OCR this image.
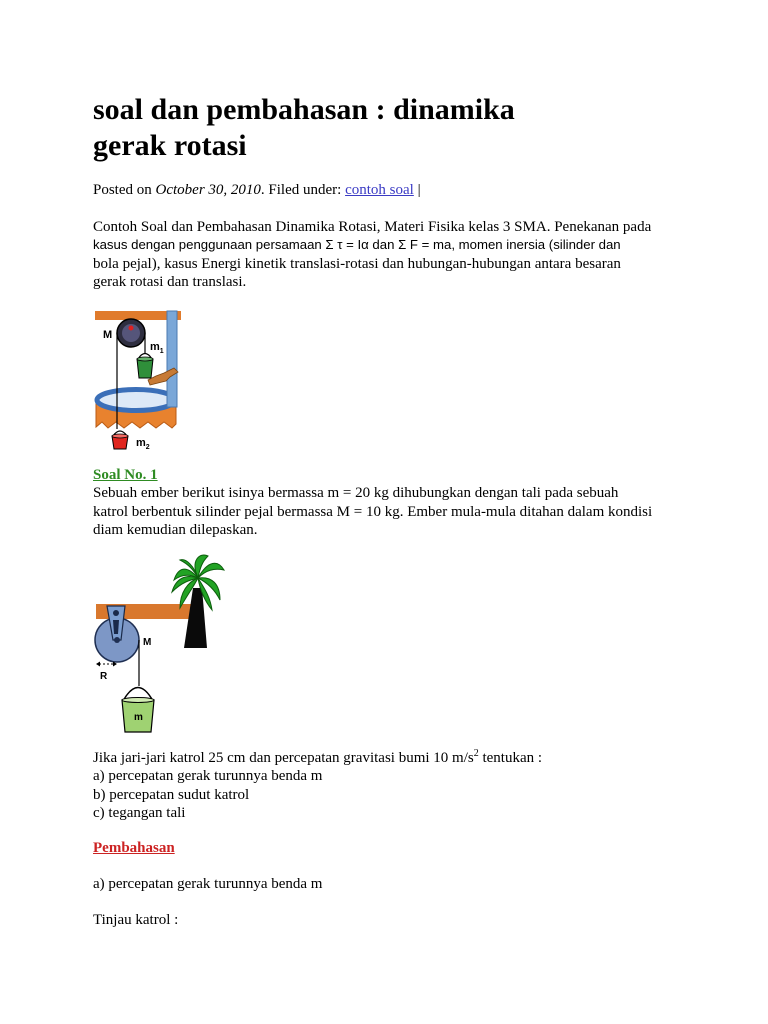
soal dan pembahasan : dinamika
gerak rotasi
Posted on October 30, 2010. Filed under: contoh soal |
Contoh Soal dan Pembahasan Dinamika Rotasi, Materi Fisika kelas 3 SMA. Penekanan pada
kasus dengan penggunaan persamaan Σ τ = Iα dan Σ F = ma, momen inersia (silinder dan
bola pejal), kasus Energi kinetik translasi-rotasi dan hubungan-hubungan antara besaran
gerak rotasi dan translasi.
M
$m_1$
$m_2$
Soal No. 1
Sebuah ember berikut isinya bermassa m = 20 kg dihubungkan dengan tali pada sebuah
katrol berbentuk silinder pejal bermassa M = 10 kg. Ember mula-mula ditahan dalam kondisi
diam kemudian dilepaskan.
M
R
m
Jika jari-jari katrol 25 cm dan percepatan gravitasi bumi 10 $m/s^2$ tentukan :
a) percepatan gerak turunnya benda m
b) percepatan sudut katrol
c) tegangan tali
Pembahasan
a) percepatan gerak turunnya benda m
Tinjau katrol :
